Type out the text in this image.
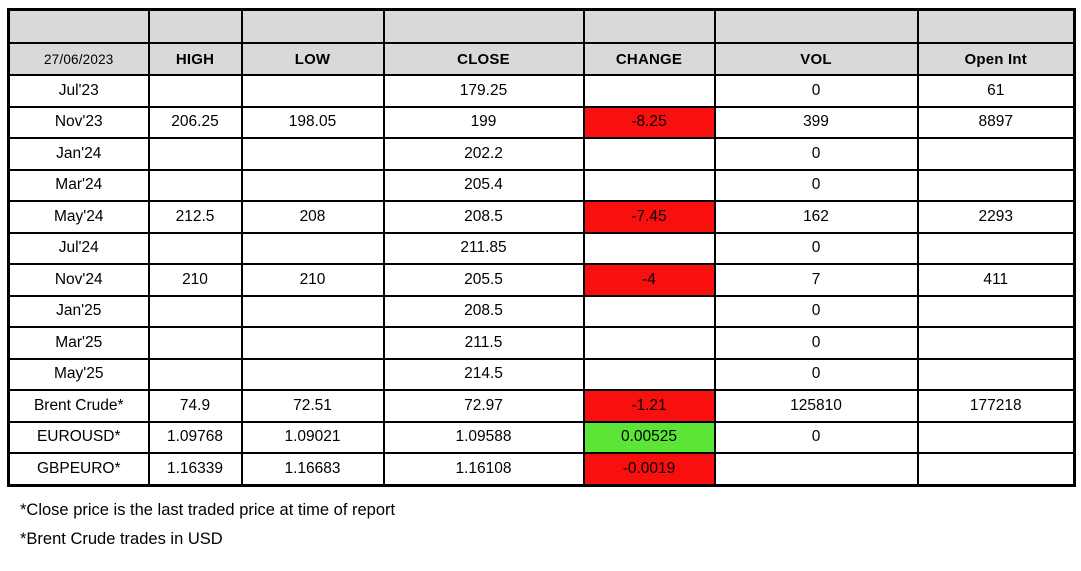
27/06/2023	HIGH	LOW	CLOSE	CHANGE	VOL	Open Int
Jul'23			179.25		0	61
Nov'23	206.25	198.05	199	-8.25	399	8897
Jan'24			202.2		0	
Mar'24			205.4		0	
May'24	212.5	208	208.5	-7.45	162	2293
Jul'24			211.85		0	
Nov'24	210	210	205.5	-4	7	411
Jan'25			208.5		0	
Mar'25			211.5		0	
May'25			214.5		0	
Brent Crude*	74.9	72.51	72.97	-1.21	125810	177218
EUROUSD*	1.09768	1.09021	1.09588	0.00525	0	
GBPEURO*	1.16339	1.16683	1.16108	-0.0019		
*Close price is the last traded price at time of report
*Brent Crude trades in USD
